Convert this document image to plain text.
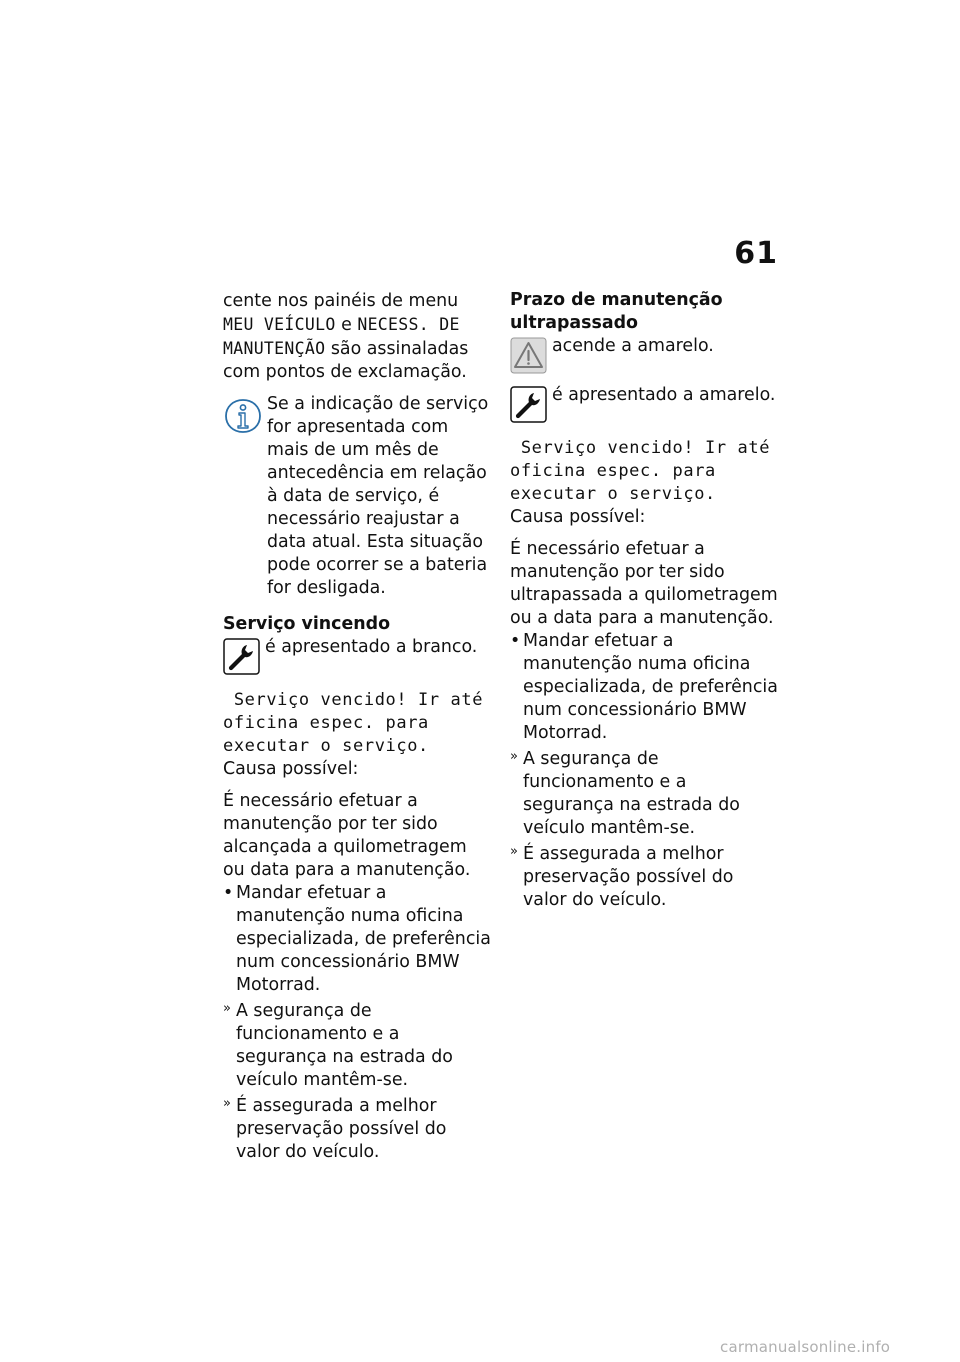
61

cente nos painéis de menu MEU VEÍCULO e NECESS. DE MANUTENÇÃO são assinaladas com pontos de exclamação.

Se a indicação de serviço for apresentada com mais de um mês de antecedência em relação à data de serviço, é necessário reajustar a data atual. Esta situação pode ocorrer se a bateria for desligada.

Serviço vincendo

é apresentado a branco.

Serviço vencido! Ir até oficina espec. para executar o serviço.

Causa possível:

É necessário efetuar a manutenção por ter sido alcançada a quilometragem ou data para a manutenção.

• Mandar efetuar a manutenção numa oficina especializada, de preferência num concessionário BMW Motorrad.
» A segurança de funcionamento e a segurança na estrada do veículo mantêm-se.
» É assegurada a melhor preservação possível do valor do veículo.

Prazo de manutenção ultrapassado

acende a amarelo.
é apresentado a amarelo.

Serviço vencido! Ir até oficina espec. para executar o serviço.

Causa possível:

É necessário efetuar a manutenção por ter sido ultrapassada a quilometragem ou a data para a manutenção.

• Mandar efetuar a manutenção numa oficina especializada, de preferência num concessionário BMW Motorrad.
» A segurança de funcionamento e a segurança na estrada do veículo mantêm-se.
» É assegurada a melhor preservação possível do valor do veículo.
carmanualsonline.info
